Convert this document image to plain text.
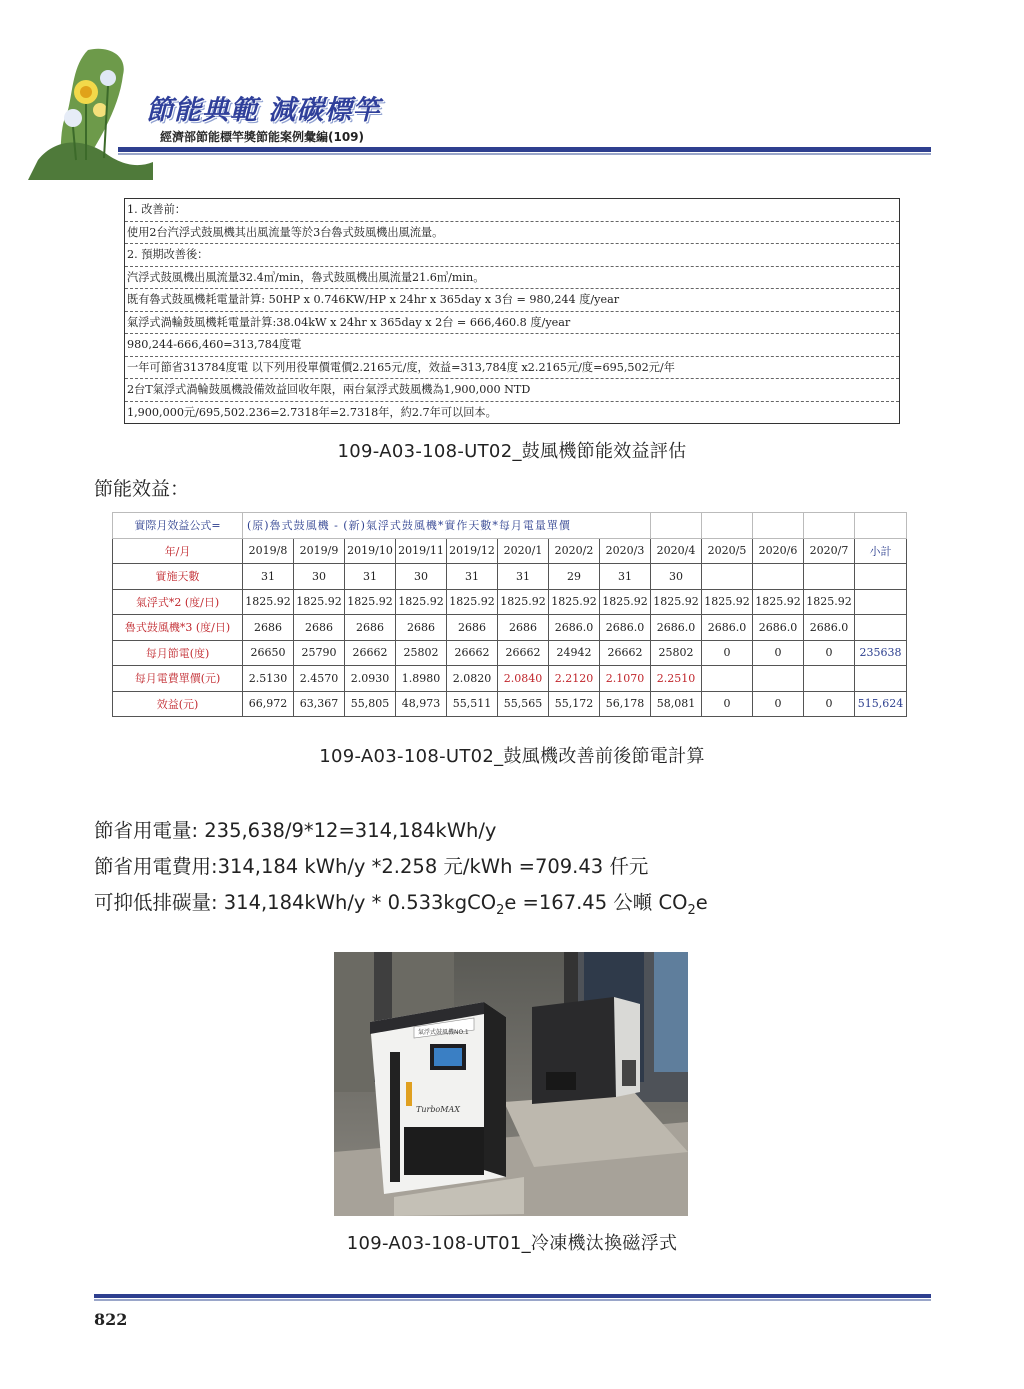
節能典範 減碳標竿
經濟部節能標竿獎節能案例彙編(109)
1. 改善前：
使用2台汽浮式鼓風機其出風流量等於3台魯式鼓風機出風流量。
2. 預期改善後：
汽浮式鼓風機出風流量32.4㎥/min，魯式鼓風機出風流量21.6㎥/min。
既有魯式鼓風機耗電量計算: 50HP x 0.746KW/HP x 24hr x 365day x 3台 = 980,244 度/year
氣浮式渦輪鼓風機耗電量計算:38.04kW x 24hr x 365day x 2台 = 666,460.8 度/year
980,244-666,460=313,784度電
一年可節省313784度電 以下列用役單價電價2.2165元/度，效益=313,784度 x2.2165元/度=695,502元/年
2台T氣浮式渦輪鼓風機設備效益回收年限，兩台氣浮式鼓風機為1,900,000 NTD
1,900,000元/695,502.236=2.7318年=2.7318年，約2.7年可以回本。
109-A03-108-UT02_鼓風機節能效益評估
節能效益：
實際月效益公式=	(原)魯式鼓風機 - (新)氣浮式鼓風機*實作天數*每月電量單價												
年/月	2019/8	2019/9	2019/10	2019/11	2019/12	2020/1	2020/2	2020/3	2020/4	2020/5	2020/6	2020/7	小計
實施天數	31	30	31	30	31	31	29	31	30				
氣浮式*2 (度/日)	1825.92	1825.92	1825.92	1825.92	1825.92	1825.92	1825.92	1825.92	1825.92	1825.92	1825.92	1825.92	
魯式鼓風機*3 (度/日)	2686	2686	2686	2686	2686	2686	2686.0	2686.0	2686.0	2686.0	2686.0	2686.0	
每月節電(度)	26650	25790	26662	25802	26662	26662	24942	26662	25802	0	0	0	235638
每月電費單價(元)	2.5130	2.4570	2.0930	1.8980	2.0820	2.0840	2.2120	2.1070	2.2510				
效益(元)	66,972	63,367	55,805	48,973	55,511	55,565	55,172	56,178	58,081	0	0	0	515,624
109-A03-108-UT02_鼓風機改善前後節電計算
節省用電量: 235,638/9*12=314,184kWh/y
節省用電費用:314,184 kWh/y *2.258 元/kWh =709.43 仟元
可抑低排碳量: 314,184kWh/y * 0.533kgCO$_2$e =167.45 公噸 $CO_2e$
氣浮式鼓風機NO.1
TurboMAX
109-A03-108-UT01_冷凍機汰換磁浮式
822
